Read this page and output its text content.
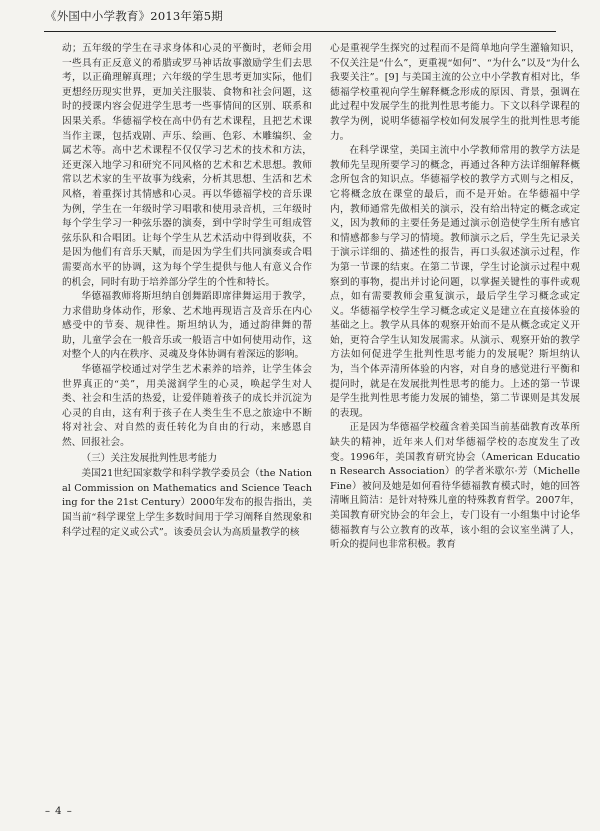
《外国中小学教育》2013年第5期

动；五年级的学生在寻求身体和心灵的平衡时，老师会用一些具有正反意义的希腊或罗马神话故事激励学生们去思考，以正确理解真理；六年级的学生思考更加实际，他们更想经历现实世界，更加关注服装、食物和社会问题，这时的授课内容会促进学生思考一些事情间的区别、联系和因果关系。华德福学校在高中仍有艺术课程，且把艺术课当作主课，包括戏剧、声乐、绘画、色彩、木雕编织、金属艺术等。高中艺术课程不仅仅学习艺术的技术和方法，还更深入地学习和研究不同风格的艺术和艺术思想。教师常以艺术家的生平故事为线索，分析其思想、生活和艺术风格，着重探讨其情感和心灵。再以华德福学校的音乐课为例，学生在一年级时学习唱歌和使用录音机，三年级时每个学生学习一种弦乐器的演奏，到中学时学生可组成管弦乐队和合唱团。让每个学生从艺术活动中得到收获，不是因为他们有音乐天赋，而是因为学生们共同演奏或合唱需要高水平的协调，这为每个学生提供与他人有意义合作的机会，同时有助于培养部分学生的个性和特长。

华德福教师将斯坦纳自创舞蹈即席律舞运用于教学，力求借助身体动作，形象、艺术地再现语言及音乐在内心感受中的节奏、规律性。斯坦纳认为，通过韵律舞的帮助，儿童学会在一般音乐或一般语言中如何使用动作，这对整个人的内在秩序、灵魂及身体协调有着深远的影响。

华德福学校通过对学生艺术素养的培养，让学生体会世界真正的“美”，用美滋润学生的心灵，唤起学生对人类、社会和生活的热爱，让爱伴随着孩子的成长并沉淀为心灵的自由，这有利于孩子在人类生生不息之旅途中不断将对社会、对自然的责任转化为自由的行动，来感恩自然、回报社会。

（三）关注发展批判性思考能力

美国21世纪国家数学和科学教学委员会（the National Commission on Mathematics and Science Teaching for the 21st Century）2000年发布的报告指出，美国当前“科学课堂上学生多数时间用于学习阐释自然现象和科学过程的定义或公式”。该委员会认为高质量教学的核

心是重视学生探究的过程而不是简单地向学生灌输知识，不仅关注是“什么”，更重视“如何”、“为什么”以及“为什么我要关注”。[9] 与美国主流的公立中小学教育相对比，华德福学校重视向学生解释概念形成的原因、背景，强调在此过程中发展学生的批判性思考能力。下文以科学课程的教学为例，说明华德福学校如何发展学生的批判性思考能力。

在科学课堂，美国主流中小学教师常用的教学方法是教师先呈现所要学习的概念，再通过各种方法详细解释概念所包含的知识点。华德福学校的教学方式则与之相反，它将概念放在课堂的最后，而不是开始。在华德福中学内，教师通常先做相关的演示，没有给出特定的概念或定义，因为教师的主要任务是通过演示创造使学生所有感官和情感都参与学习的情境。教师演示之后，学生先记录关于演示详细的、描述性的报告，再口头叙述演示过程，作为第一节课的结束。在第二节课，学生讨论演示过程中观察到的事物，提出并讨论问题，以掌握关键性的事件或观点，如有需要教师会重复演示，最后学生学习概念或定义。华德福学校学生学习概念或定义是建立在直接体验的基础之上。教学从具体的观察开始而不是从概念或定义开始，更符合学生认知发展需求。从演示、观察开始的教学方法如何促进学生批判性思考能力的发展呢？斯坦纳认为，当个体弄清所体验的内容，对自身的感觉进行平衡和提问时，就是在发展批判性思考的能力。上述的第一节课是学生批判性思考能力发展的铺垫，第二节课则是其发展的表现。

正是因为华德福学校蕴含着美国当前基础教育改革所缺失的精神，近年来人们对华德福学校的态度发生了改变。1996年，美国教育研究协会（American Education Research Association）的学者米歇尔·芳（Michelle Fine）被问及她是如何看待华德福教育模式时，她的回答清晰且简洁：是针对特殊儿童的特殊教育哲学。2007年，美国教育研究协会的年会上，专门设有一小组集中讨论华德福教育与公立教育的改革，该小组的会议室坐满了人，听众的提问也非常积极。教育

– 4 –
